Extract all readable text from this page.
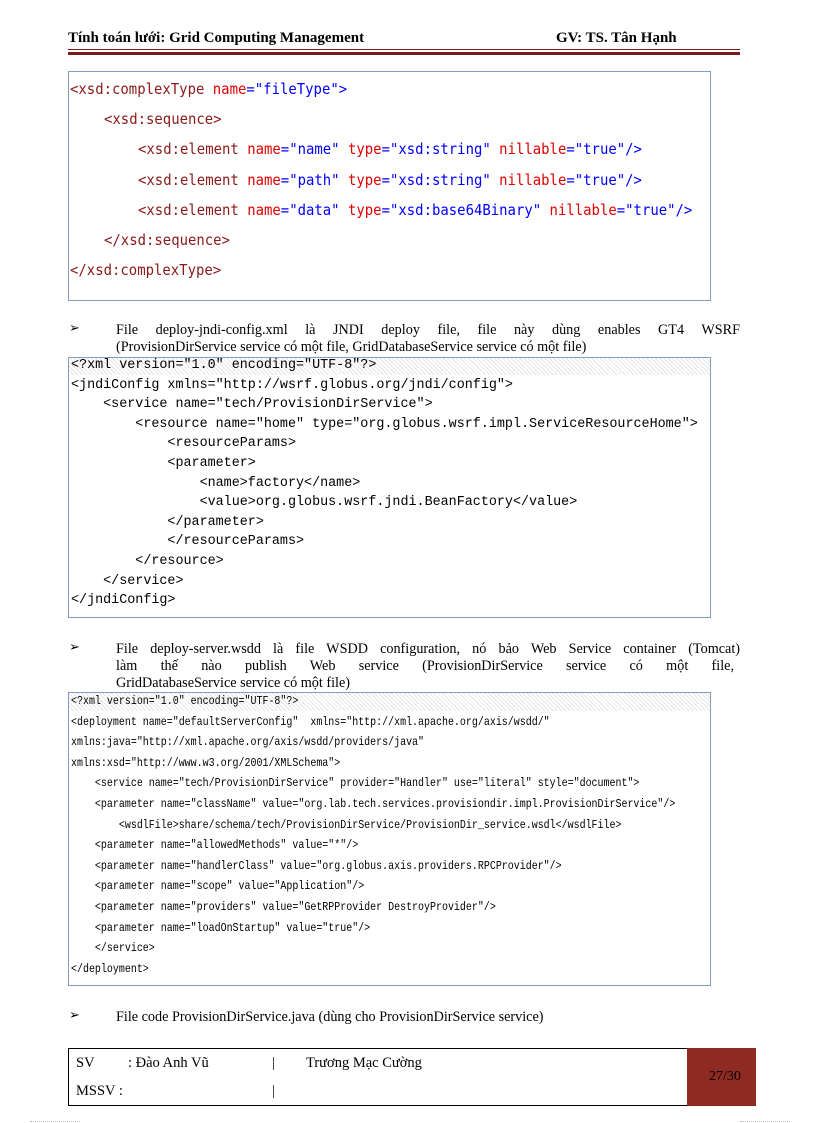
Tính toán lưới: Grid Computing Management	GV: TS. Tân Hạnh
<xsd:complexType name="fileType">
<xsd:sequence>
<xsd:element name="name" type="xsd:string" nillable="true"/>
<xsd:element name="path" type="xsd:string" nillable="true"/>
<xsd:element name="data" type="xsd:base64Binary" nillable="true"/>
</xsd:sequence>
</xsd:complexType>
➢	File deploy-jndi-config.xml là JNDI deploy file, file này dùng enables GT4 WSRF
(ProvisionDirService service có một file, GridDatabaseService service có một file)
<?xml version="1.0" encoding="UTF-8"?>
<jndiConfig xmlns="http://wsrf.globus.org/jndi/config">
<service name="tech/ProvisionDirService">
<resource name="home" type="org.globus.wsrf.impl.ServiceResourceHome">
<resourceParams>
<parameter>
<name>factory</name>
<value>org.globus.wsrf.jndi.BeanFactory</value>
</parameter>
</resourceParams>
</resource>
</service>
</jndiConfig>
➢	File deploy-server.wsdd là file WSDD configuration, nó bảo Web Service container (Tomcat)
làm thế nào publish Web service (ProvisionDirService service có một file,
GridDatabaseService service có một file)
<?xml version="1.0" encoding="UTF-8"?>
<deployment name="defaultServerConfig"  xmlns="http://xml.apache.org/axis/wsdd/"
xmlns:java="http://xml.apache.org/axis/wsdd/providers/java"
xmlns:xsd="http://www.w3.org/2001/XMLSchema">
<service name="tech/ProvisionDirService" provider="Handler" use="literal" style="document">
<parameter name="className" value="org.lab.tech.services.provisiondir.impl.ProvisionDirService"/>
<wsdlFile>share/schema/tech/ProvisionDirService/ProvisionDir_service.wsdl</wsdlFile>
<parameter name="allowedMethods" value="*"/>
<parameter name="handlerClass" value="org.globus.axis.providers.RPCProvider"/>
<parameter name="scope" value="Application"/>
<parameter name="providers" value="GetRPProvider DestroyProvider"/>
<parameter name="loadOnStartup" value="true"/>
</service>
</deployment>
➢	File code ProvisionDirService.java (dùng cho ProvisionDirService service)
SV : Đào Anh Vũ	| Trương Mạc Cường
MSSV :	|
27/30
